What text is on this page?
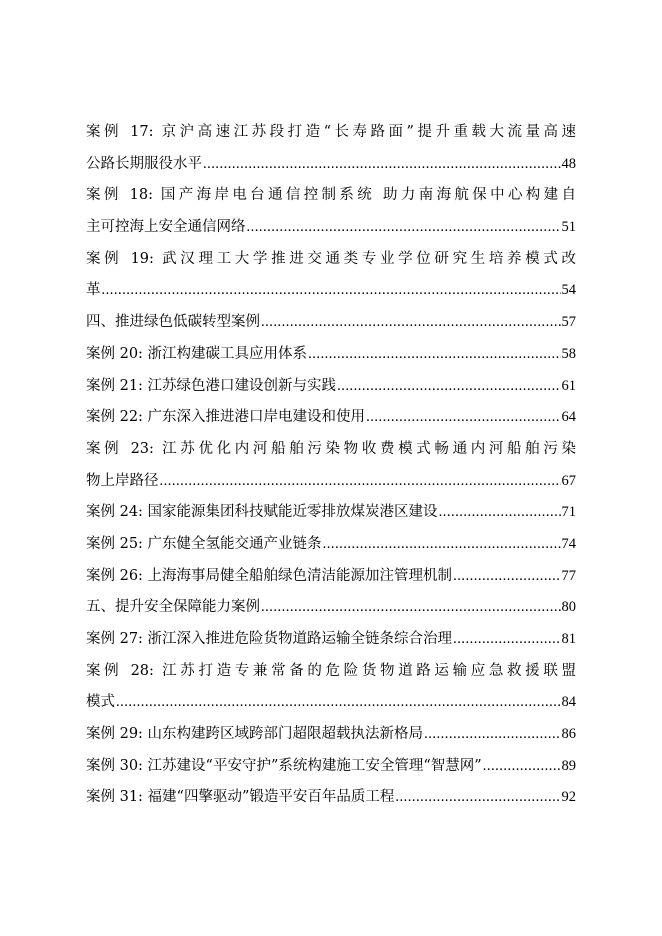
案例 17: 京沪高速江苏段打造“长寿路面”提升重载大流量高速
公路长期服役水平 .....	48
案例 18: 国产海岸电台通信控制系统 助力南海航保中心构建自
主可控海上安全通信网络 .....	51
案例 19: 武汉理工大学推进交通类专业学位研究生培养模式改
革 .....	54
四、推进绿色低碳转型案例 .....	57
案例 20: 浙江构建碳工具应用体系 .....	58
案例 21: 江苏绿色港口建设创新与实践 .....	61
案例 22: 广东深入推进港口岸电建设和使用 .....	64
案例 23: 江苏优化内河船舶污染物收费模式畅通内河船舶污染
物上岸路径 .....	67
案例 24: 国家能源集团科技赋能近零排放煤炭港区建设 .....	71
案例 25: 广东健全氢能交通产业链条 .....	74
案例 26: 上海海事局健全船舶绿色清洁能源加注管理机制 .....	77
五、提升安全保障能力案例 .....	80
案例 27: 浙江深入推进危险货物道路运输全链条综合治理 .....	81
案例 28: 江苏打造专兼常备的危险货物道路运输应急救援联盟
模式 .....	84
案例 29: 山东构建跨区域跨部门超限超载执法新格局 .....	86
案例 30: 江苏建设“平安守护”系统构建施工安全管理“智慧网” .....	89
案例 31: 福建“四擎驱动”锻造平安百年品质工程 .....	92
